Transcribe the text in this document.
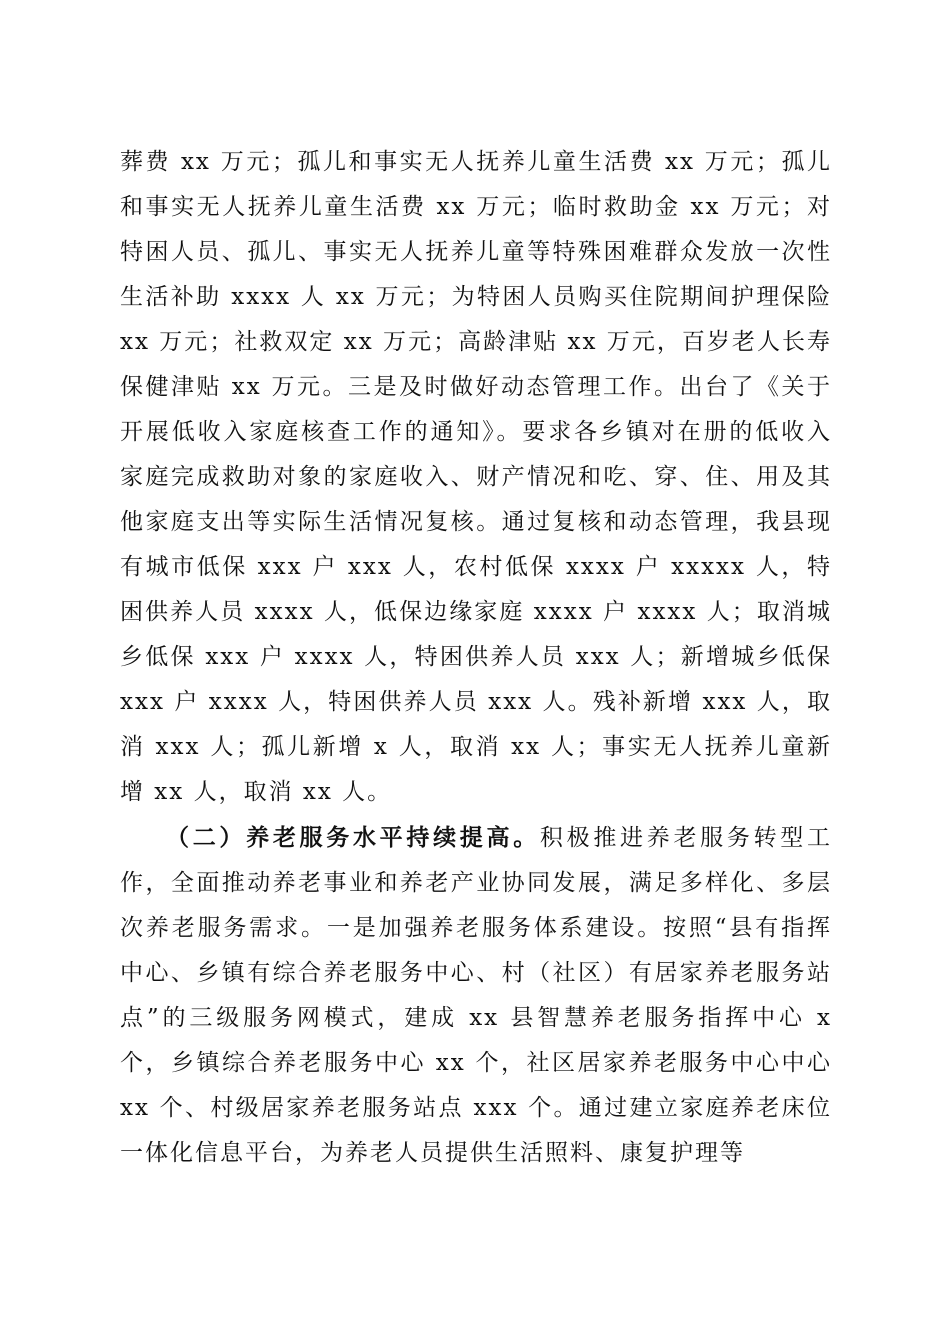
葬费 xx 万元；孤儿和事实无人抚养儿童生活费 xx 万元；孤儿和事实无人抚养儿童生活费 xx 万元；临时救助金 xx 万元；对特困人员、孤儿、事实无人抚养儿童等特殊困难群众发放一次性生活补助 xxxx 人 xx 万元；为特困人员购买住院期间护理保险 xx 万元；社救双定 xx 万元；高龄津贴 xx 万元，百岁老人长寿保健津贴 xx 万元。三是及时做好动态管理工作。出台了《关于开展低收入家庭核查工作的通知》。要求各乡镇对在册的低收入家庭完成救助对象的家庭收入、财产情况和吃、穿、住、用及其他家庭支出等实际生活情况复核。通过复核和动态管理，我县现有城市低保 xxx 户 xxx 人，农村低保 xxxx 户 xxxxx 人，特困供养人员 xxxx 人，低保边缘家庭 xxxx 户 xxxx 人；取消城乡低保 xxx 户 xxxx 人，特困供养人员 xxx 人；新增城乡低保 xxx 户 xxxx 人，特困供养人员 xxx 人。残补新增 xxx 人，取消 xxx 人；孤儿新增 x 人，取消 xx 人；事实无人抚养儿童新增 xx 人，取消 xx 人。

（二）养老服务水平持续提高。积极推进养老服务转型工作，全面推动养老事业和养老产业协同发展，满足多样化、多层次养老服务需求。一是加强养老服务体系建设。按照“县有指挥中心、乡镇有综合养老服务中心、村（社区）有居家养老服务站点”的三级服务网模式，建成 xx 县智慧养老服务指挥中心 x 个，乡镇综合养老服务中心 xx 个，社区居家养老服务中心中心 xx 个、村级居家养老服务站点 xxx 个。通过建立家庭养老床位一体化信息平台，为养老人员提供生活照料、康复护理等
